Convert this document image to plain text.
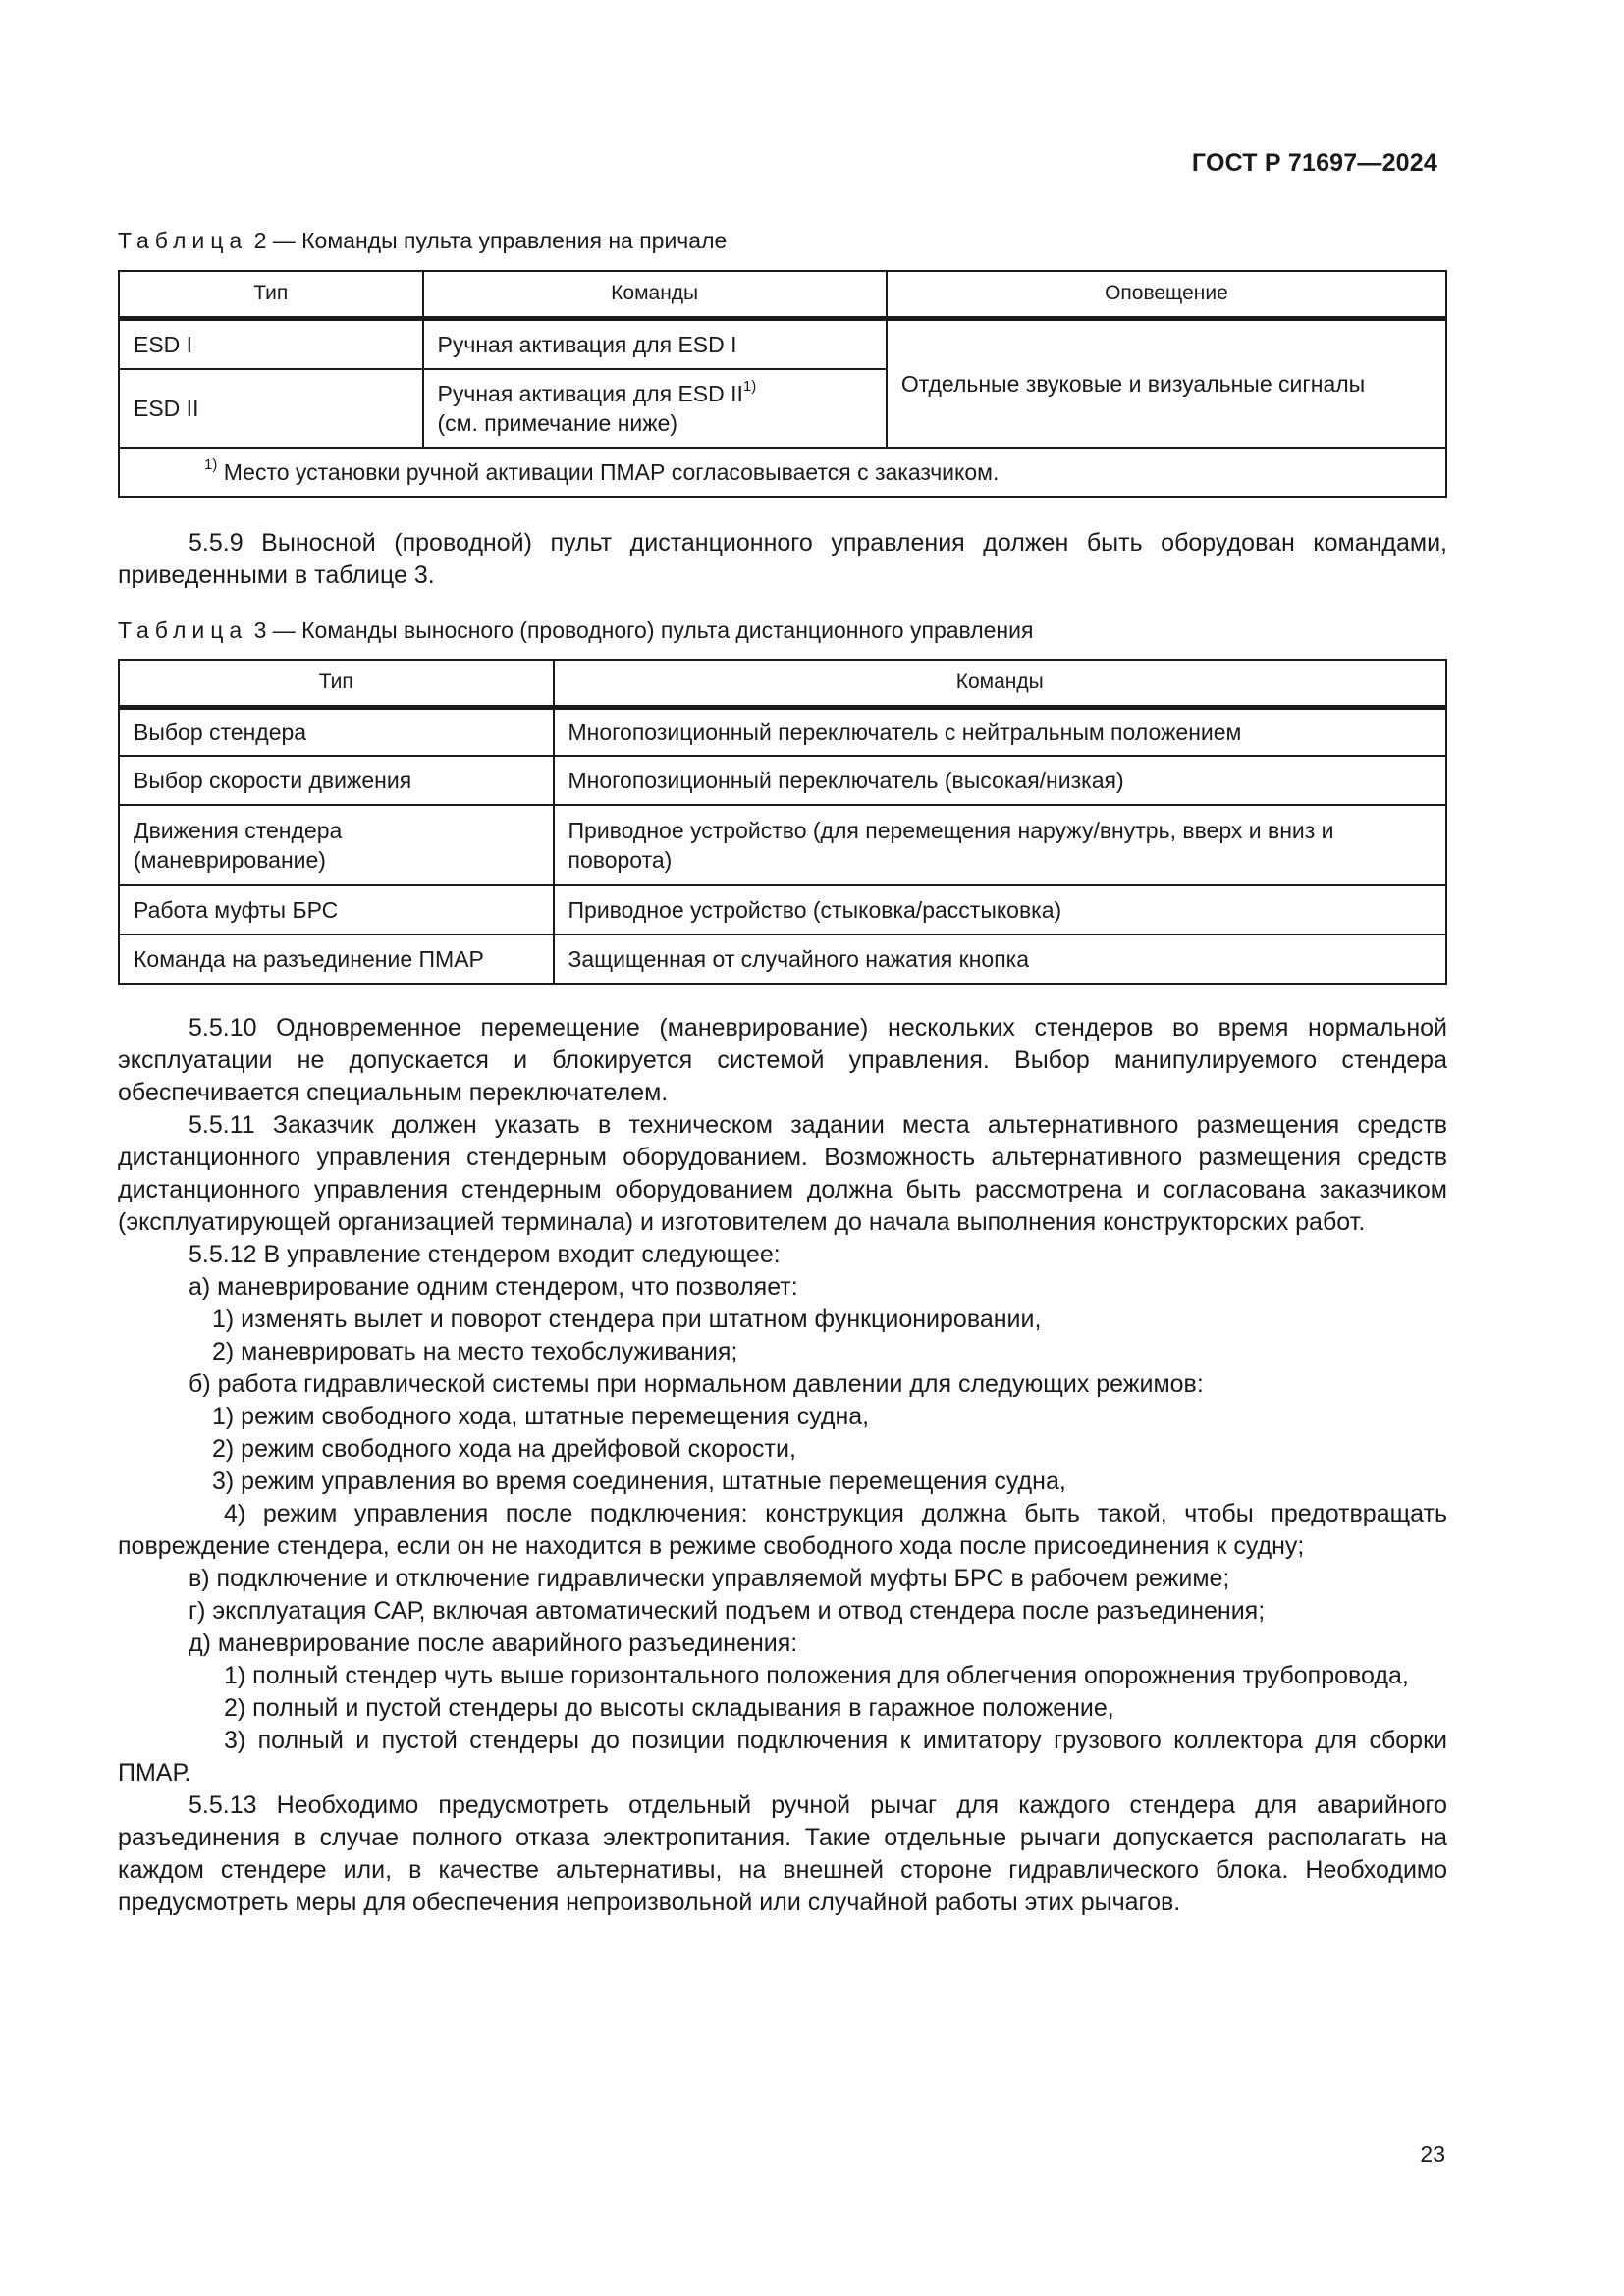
ГОСТ Р 71697—2024
Таблица 2 — Команды пульта управления на причале
Тип	Команды	Оповещение
ESD I	Ручная активация для ESD I	Отдельные звуковые и визуальные сигналы
ESD II	Ручная активация для ESD II$^{1)}$
(см. примечание ниже)	
$^{1)}$ Место установки ручной активации ПМАР согласовывается с заказчиком.		

5.5.9 Выносной (проводной) пульт дистанционного управления должен быть оборудован командами, приведенными в таблице 3.

Таблица 3 — Команды выносного (проводного) пульта дистанционного управления
Тип	Команды
Выбор стендера	Многопозиционный переключатель с нейтральным положением
Выбор скорости движения	Многопозиционный переключатель (высокая/низкая)
Движения стендера
(маневрирование)	Приводное устройство (для перемещения наружу/внутрь, вверх и вниз и поворота)
Работа муфты БРС	Приводное устройство (стыковка/расстыковка)
Команда на разъединение ПМАР	Защищенная от случайного нажатия кнопка

5.5.10 Одновременное перемещение (маневрирование) нескольких стендеров во время нормальной эксплуатации не допускается и блокируется системой управления. Выбор манипулируемого стендера обеспечивается специальным переключателем.

5.5.11 Заказчик должен указать в техническом задании места альтернативного размещения средств дистанционного управления стендерным оборудованием. Возможность альтернативного размещения средств дистанционного управления стендерным оборудованием должна быть рассмотрена и согласована заказчиком (эксплуатирующей организацией терминала) и изготовителем до начала выполнения конструкторских работ.

5.5.12 В управление стендером входит следующее:

а) маневрирование одним стендером, что позволяет:

1) изменять вылет и поворот стендера при штатном функционировании,

2) маневрировать на место техобслуживания;

б) работа гидравлической системы при нормальном давлении для следующих режимов:

1) режим свободного хода, штатные перемещения судна,

2) режим свободного хода на дрейфовой скорости,

3) режим управления во время соединения, штатные перемещения судна,

4) режим управления после подключения: конструкция должна быть такой, чтобы предотвращать повреждение стендера, если он не находится в режиме свободного хода после присоединения к судну;

в) подключение и отключение гидравлически управляемой муфты БРС в рабочем режиме;

г) эксплуатация САР, включая автоматический подъем и отвод стендера после разъединения;

д) маневрирование после аварийного разъединения:

1) полный стендер чуть выше горизонтального положения для облегчения опорожнения трубопровода,

2) полный и пустой стендеры до высоты складывания в гаражное положение,

3) полный и пустой стендеры до позиции подключения к имитатору грузового коллектора для сборки ПМАР.

5.5.13 Необходимо предусмотреть отдельный ручной рычаг для каждого стендера для аварийного разъединения в случае полного отказа электропитания. Такие отдельные рычаги допускается располагать на каждом стендере или, в качестве альтернативы, на внешней стороне гидравлического блока. Необходимо предусмотреть меры для обеспечения непроизвольной или случайной работы этих рычагов.

23
